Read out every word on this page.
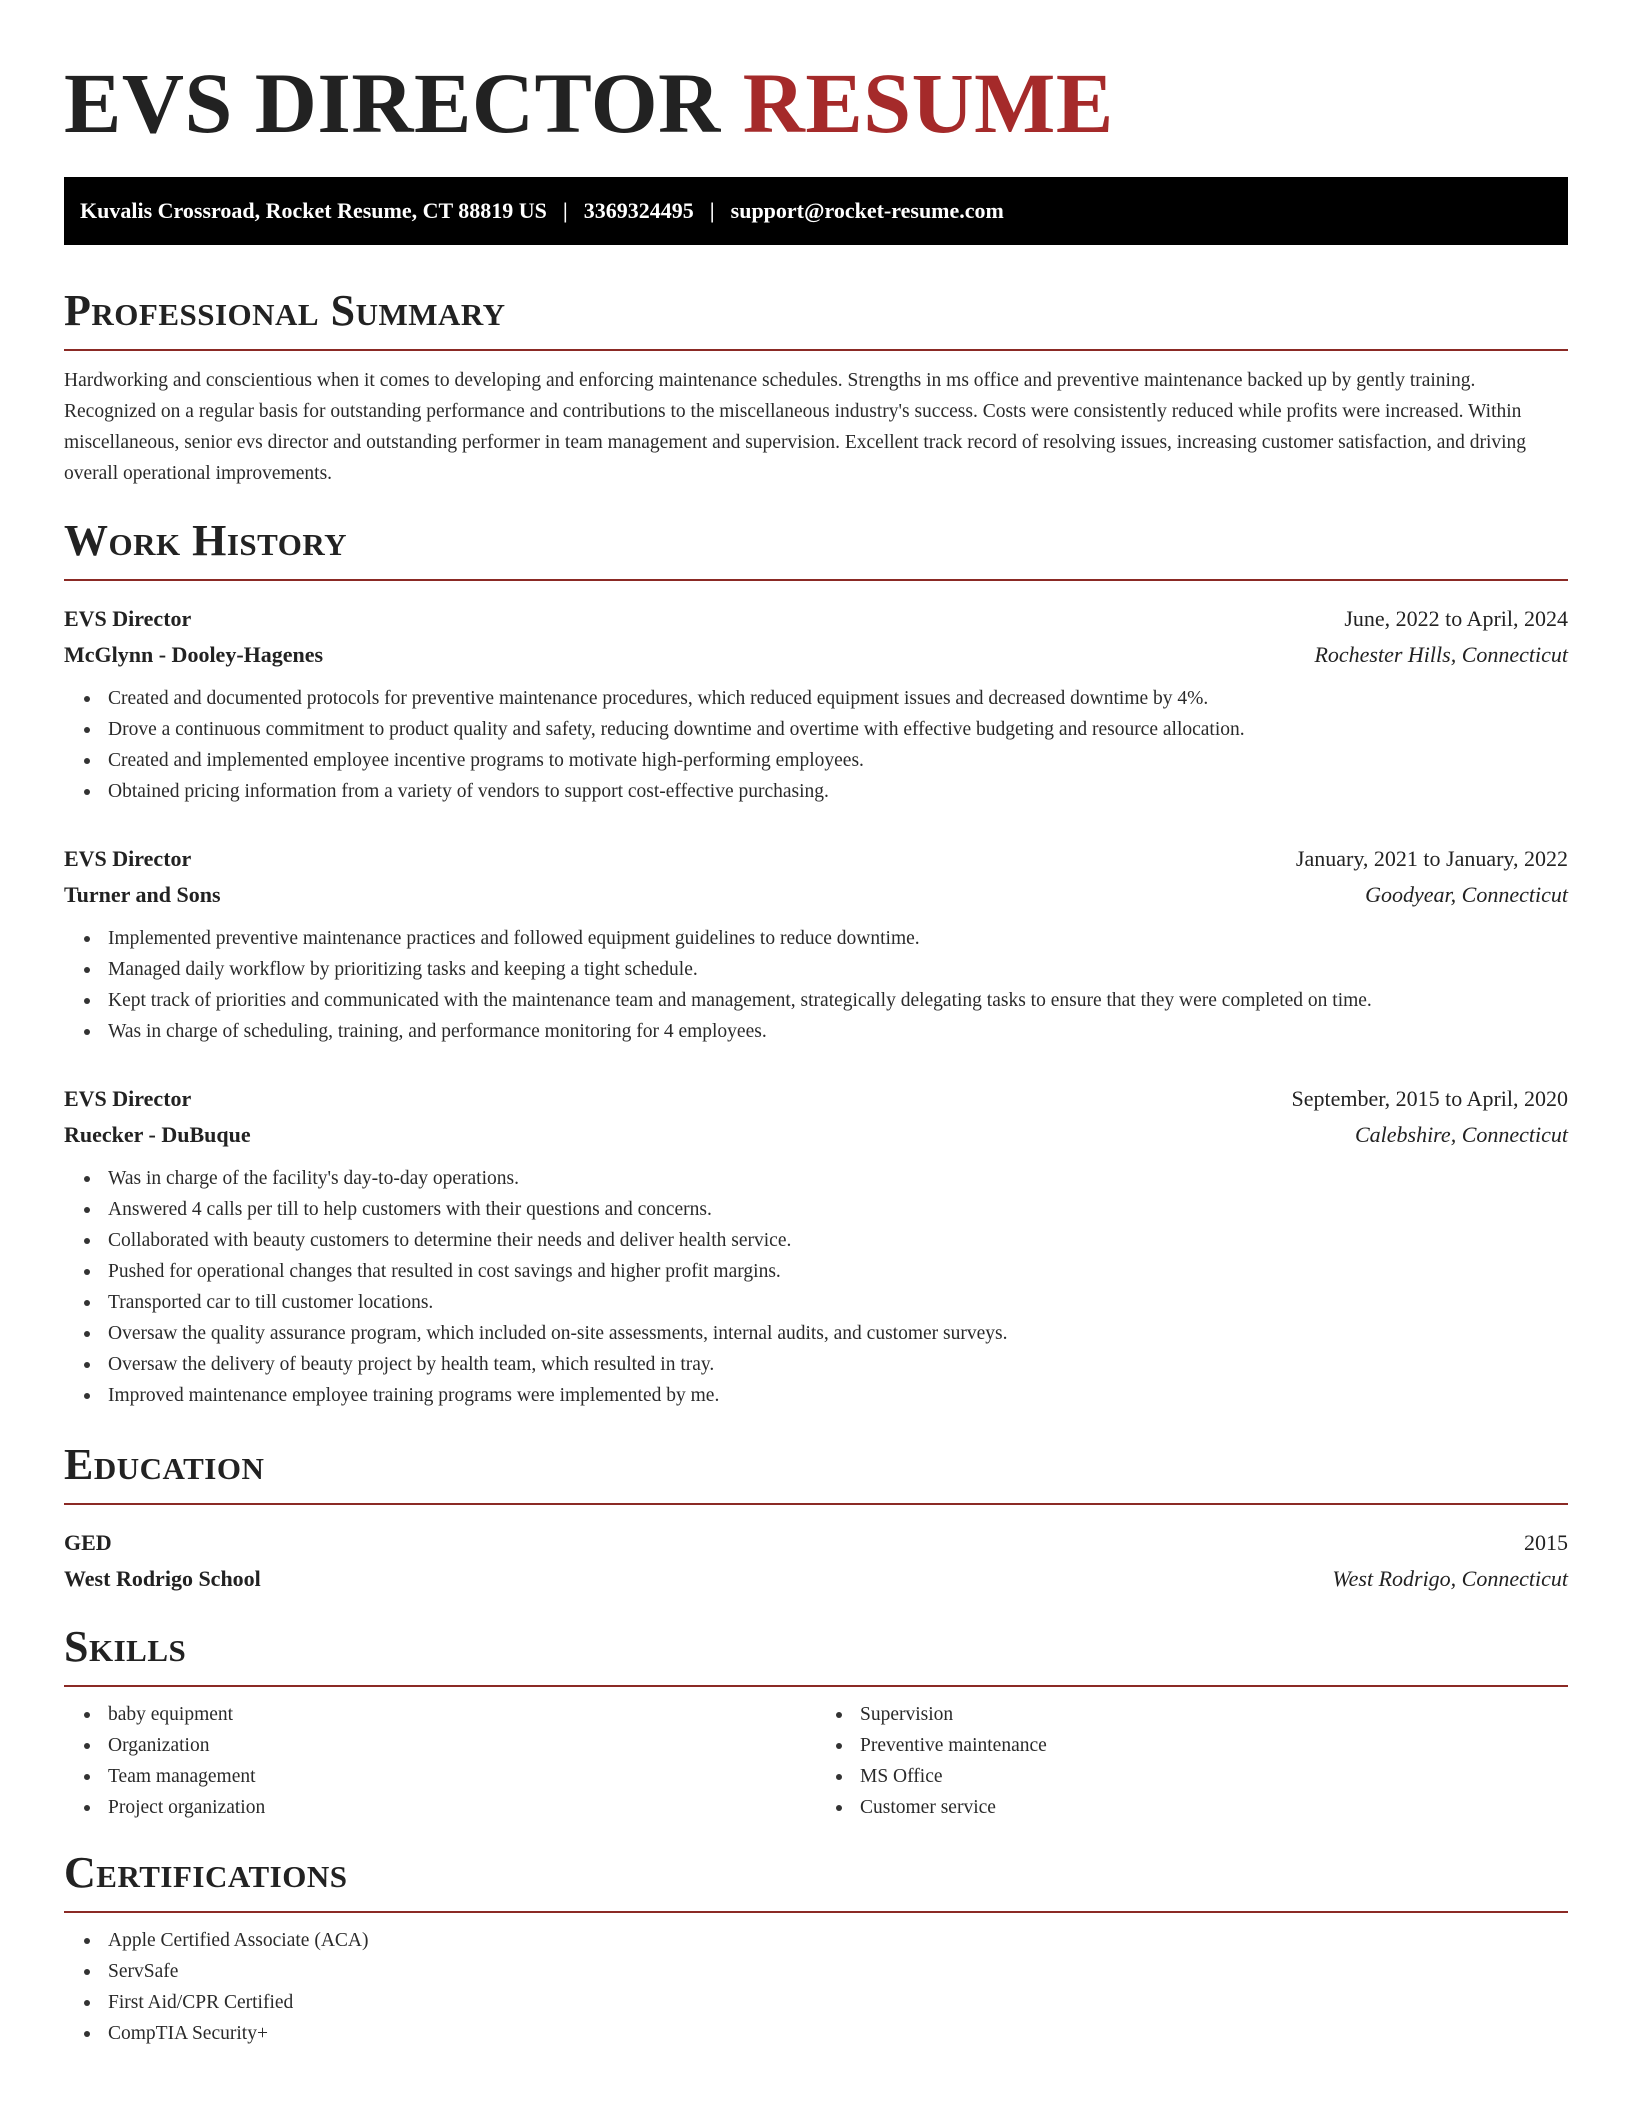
EVS DIRECTOR RESUME
Kuvalis Crossroad, Rocket Resume, CT 88819 US | 3369324495 | support@rocket-resume.com
Professional Summary

Hardworking and conscientious when it comes to developing and enforcing maintenance schedules. Strengths in ms office and preventive maintenance backed up by gently training. Recognized on a regular basis for outstanding performance and contributions to the miscellaneous industry's success. Costs were consistently reduced while profits were increased. Within miscellaneous, senior evs director and outstanding performer in team management and supervision. Excellent track record of resolving issues, increasing customer satisfaction, and driving overall operational improvements.

Work History
EVS Director	June, 2022 to April, 2024
McGlynn - Dooley-Hagenes	Rochester Hills, Connecticut
Created and documented protocols for preventive maintenance procedures, which reduced equipment issues and decreased downtime by 4%.
Drove a continuous commitment to product quality and safety, reducing downtime and overtime with effective budgeting and resource allocation.
Created and implemented employee incentive programs to motivate high-performing employees.
Obtained pricing information from a variety of vendors to support cost-effective purchasing.
EVS Director	January, 2021 to January, 2022
Turner and Sons	Goodyear, Connecticut
Implemented preventive maintenance practices and followed equipment guidelines to reduce downtime.
Managed daily workflow by prioritizing tasks and keeping a tight schedule.
Kept track of priorities and communicated with the maintenance team and management, strategically delegating tasks to ensure that they were completed on time.
Was in charge of scheduling, training, and performance monitoring for 4 employees.
EVS Director	September, 2015 to April, 2020
Ruecker - DuBuque	Calebshire, Connecticut
Was in charge of the facility's day-to-day operations.
Answered 4 calls per till to help customers with their questions and concerns.
Collaborated with beauty customers to determine their needs and deliver health service.
Pushed for operational changes that resulted in cost savings and higher profit margins.
Transported car to till customer locations.
Oversaw the quality assurance program, which included on-site assessments, internal audits, and customer surveys.
Oversaw the delivery of beauty project by health team, which resulted in tray.
Improved maintenance employee training programs were implemented by me.
Education
GED	2015
West Rodrigo School	West Rodrigo, Connecticut
Skills
baby equipment
Organization
Team management
Project organization
Supervision
Preventive maintenance
MS Office
Customer service
Certifications
Apple Certified Associate (ACA)
ServSafe
First Aid/CPR Certified
CompTIA Security+
